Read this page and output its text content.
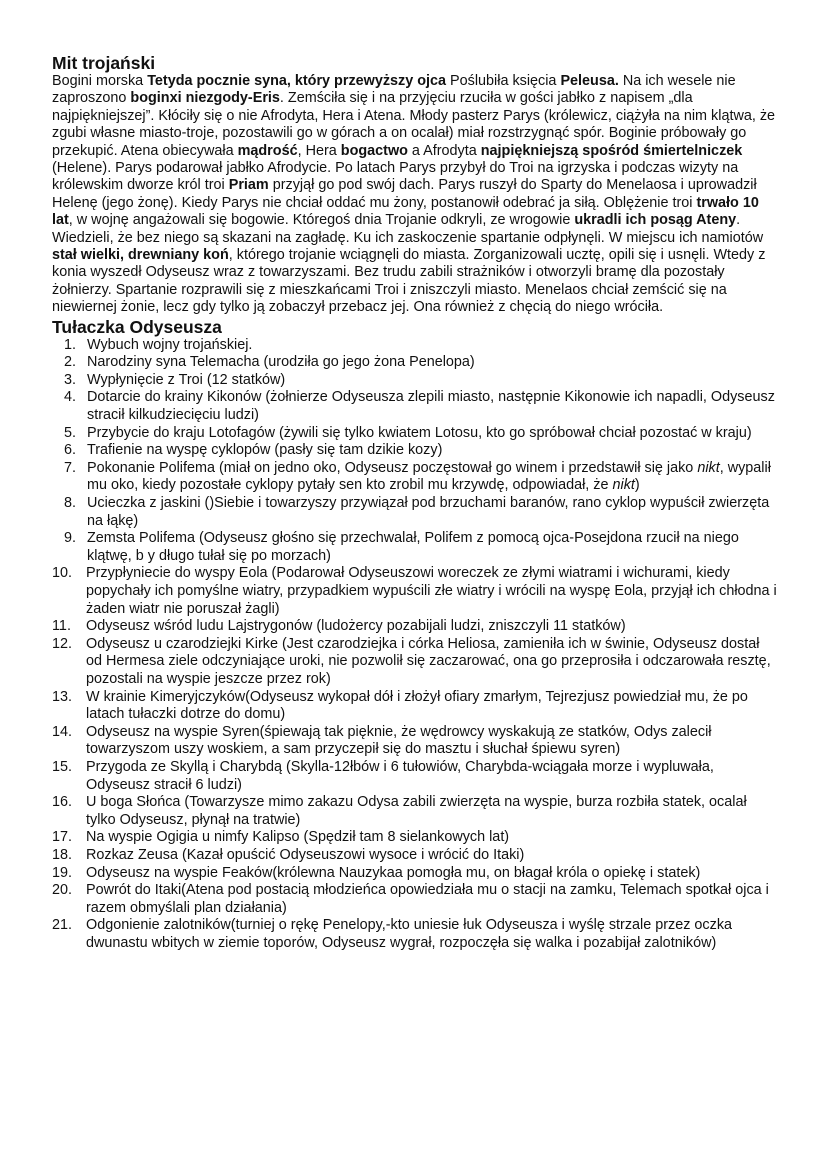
Mit trojański

Bogini morska Tetyda pocznie syna, który przewyższy ojca Poślubiła księcia Peleusa. Na ich wesele nie zaproszono boginxi niezgody-Eris. Zemściła się i na przyjęciu rzuciła w gości jabłko z napisem „dla najpiękniejszej”. Kłóciły się o nie Afrodyta, Hera i Atena. Młody pasterz Parys (królewicz, ciążyła na nim klątwa, że zgubi własne miasto-troje, pozostawili go w górach a on ocalał) miał rozstrzygnąć spór. Boginie próbowały go przekupić. Atena obiecywała mądrość, Hera bogactwo a Afrodyta najpiękniejszą spośród śmiertelniczek (Helene). Parys podarował jabłko Afrodycie. Po latach Parys przybył do Troi na igrzyska i podczas wizyty na królewskim dworze król troi Priam przyjął go pod swój dach. Parys ruszył do Sparty do Menelaosa i uprowadził Helenę (jego żonę). Kiedy Parys nie chciał oddać mu żony, postanowił odebrać ja siłą. Oblężenie troi trwało 10 lat, w wojnę angażowali się bogowie. Któregoś dnia Trojanie odkryli, ze wrogowie ukradli ich posąg Ateny. Wiedzieli, że bez niego są skazani na zagładę. Ku ich zaskoczenie spartanie odpłynęli. W miejscu ich namiotów stał wielki, drewniany koń, którego trojanie wciągnęli do miasta. Zorganizowali ucztę, opili się i usnęli. Wtedy z konia wyszedł Odyseusz wraz z towarzyszami. Bez trudu zabili strażników i otworzyli bramę dla pozostały żołnierzy. Spartanie rozprawili się z mieszkańcami Troi i zniszczyli miasto. Menelaos chciał zemścić się na niewiernej żonie, lecz gdy tylko ją zobaczył przebacz jej. Ona również z chęcią do niego wróciła.

Tułaczka Odyseusza
1. Wybuch wojny trojańskiej.
2. Narodziny syna Telemacha (urodziła go jego żona Penelopa)
3. Wypłynięcie z Troi (12 statków)
4. Dotarcie do krainy Kikonów (żołnierze Odyseusza zlepili miasto, następnie Kikonowie ich napadli, Odyseusz stracił kilkudziecięciu ludzi)
5. Przybycie do kraju Lotofagów (żywili się tylko kwiatem Lotosu, kto go spróbował chciał pozostać w kraju)
6. Trafienie na wyspę cyklopów (pasły się tam dzikie kozy)
7. Pokonanie Polifema (miał on jedno oko, Odyseusz poczęstował go winem i przedstawił się jako nikt, wypalił mu oko, kiedy pozostałe cyklopy pytały sen kto zrobil mu krzywdę, odpowiadał, że nikt)
8. Ucieczka z jaskini ()Siebie i towarzyszy przywiązał pod brzuchami baranów, rano cyklop wypuścił zwierzęta na łąkę)
9. Zemsta Polifema (Odyseusz głośno się przechwalał, Polifem z pomocą ojca-Posejdona rzucił na niego klątwę, b y długo tułał się po morzach)
10. Przypłyniecie do wyspy Eola (Podarował Odyseuszowi woreczek ze złymi wiatrami i wichurami, kiedy popychały ich pomyślne wiatry, przypadkiem wypuścili złe wiatry i wrócili na wyspę Eola, przyjął ich chłodna i żaden wiatr nie poruszał żagli)
11. Odyseusz wśród ludu Lajstrygonów (ludożercy pozabijali ludzi, zniszczyli 11 statków)
12. Odyseusz u czarodziejki Kirke (Jest czarodziejka i córka Heliosa, zamieniła ich w świnie, Odyseusz dostał od Hermesa ziele odczyniające uroki, nie pozwolił się zaczarować, ona go przeprosiła i odczarowała resztę, pozostali na wyspie jeszcze przez rok)
13. W krainie Kimeryjczyków(Odyseusz wykopał dół i złożył ofiary zmarłym, Tejrezjusz powiedział mu, że po latach tułaczki dotrze do domu)
14. Odyseusz na wyspie Syren(śpiewają tak pięknie, że wędrowcy wyskakują ze statków, Odys zalecił towarzyszom uszy woskiem, a sam przyczepił się do masztu i słuchał śpiewu syren)
15. Przygoda ze Skyllą i Charybdą (Skylla-12łbów i 6 tułowiów, Charybda-wciągała morze i wypluwała, Odyseusz stracił 6 ludzi)
16. U boga Słońca (Towarzysze mimo zakazu Odysa zabili zwierzęta na wyspie, burza rozbiła statek, ocalał tylko Odyseusz, płynął na tratwie)
17. Na wyspie Ogigia u nimfy Kalipso (Spędził tam 8 sielankowych lat)
18. Rozkaz Zeusa (Kazał opuścić Odyseuszowi wysoce i wrócić do Itaki)
19. Odyseusz na wyspie Feaków(królewna Nauzykaa pomogła mu, on błagał króla o opiekę i statek)
20. Powrót do Itaki(Atena pod postacią młodzieńca opowiedziała mu o stacji na zamku, Telemach spotkał ojca i razem obmyślali plan działania)
21. Odgonienie zalotników(turniej o rękę Penelopy,-kto uniesie łuk Odyseusza i wyślę strzale przez oczka dwunastu wbitych w ziemie toporów, Odyseusz wygrał, rozpoczęła się walka i pozabijał zalotników)
